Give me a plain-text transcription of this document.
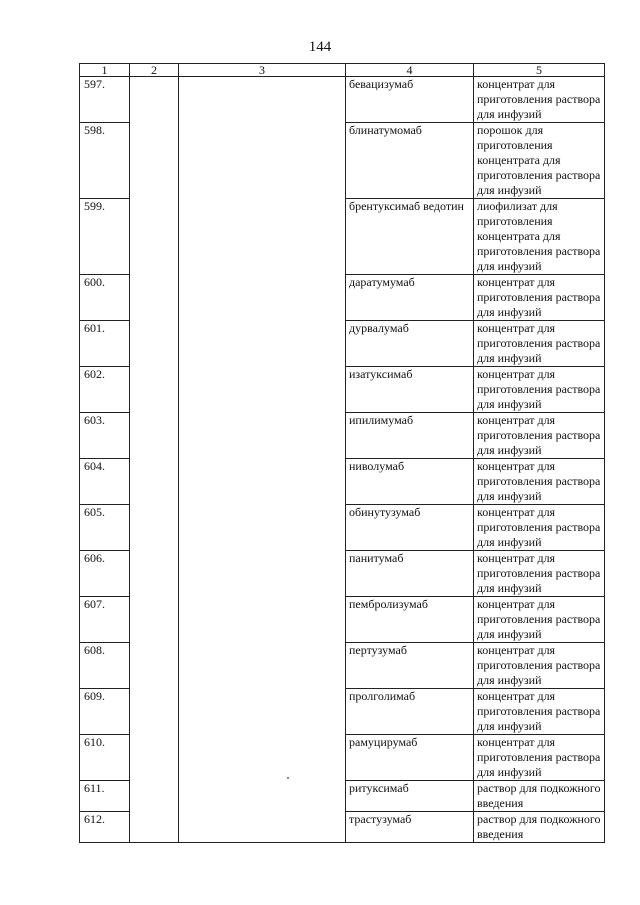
144
1	2	3	4	5
597.			бевацизумаб	концентрат для приготовления раствора для инфузий
598.			блинатумомаб	порошок для приготовления концентрата для приготовления раствора для инфузий
599.			брентуксимаб ведотин	лиофилизат для приготовления концентрата для приготовления раствора для инфузий
600.			даратумумаб	концентрат для приготовления раствора для инфузий
601.			дурвалумаб	концентрат для приготовления раствора для инфузий
602.			изатуксимаб	концентрат для приготовления раствора для инфузий
603.			ипилимумаб	концентрат для приготовления раствора для инфузий
604.			ниволумаб	концентрат для приготовления раствора для инфузий
605.			обинутузумаб	концентрат для приготовления раствора для инфузий
606.			панитумаб	концентрат для приготовления раствора для инфузий
607.			пембролизумаб	концентрат для приготовления раствора для инфузий
608.			пертузумаб	концентрат для приготовления раствора для инфузий
609.			пролголимаб	концентрат для приготовления раствора для инфузий
610.			рамуцирумаб	концентрат для приготовления раствора для инфузий
611.			ритуксимаб	раствор для подкожного введения
612.			трастузумаб	раствор для подкожного введения
